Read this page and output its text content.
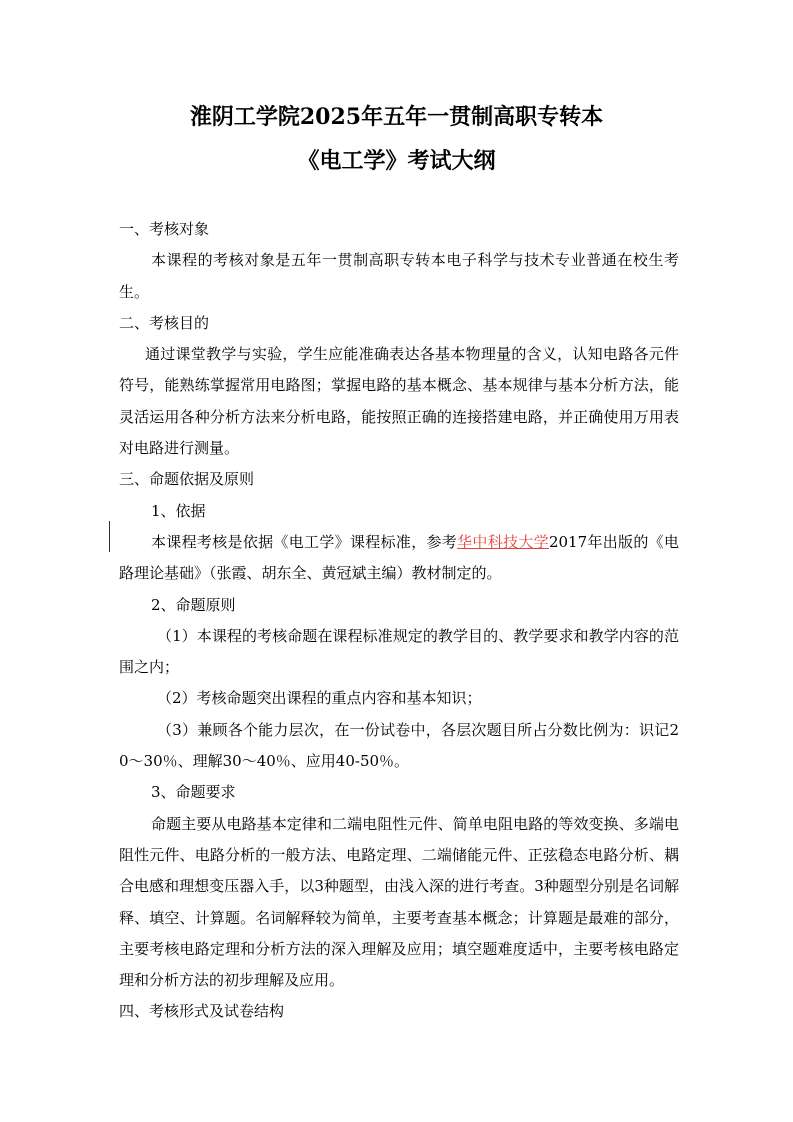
淮阴工学院2025年五年一贯制高职专转本
《电工学》考试大纲

一、考核对象

本课程的考核对象是五年一贯制高职专转本电子科学与技术专业普通在校生考生。

二、考核目的

通过课堂教学与实验，学生应能准确表达各基本物理量的含义，认知电路各元件符号，能熟练掌握常用电路图；掌握电路的基本概念、基本规律与基本分析方法，能灵活运用各种分析方法来分析电路，能按照正确的连接搭建电路，并正确使用万用表对电路进行测量。

三、命题依据及原则

1、依据

本课程考核是依据《电工学》课程标准，参考华中科技大学2017年出版的《电路理论基础》（张霞、胡东全、黄冠斌主编）教材制定的。

2、命题原则

（1）本课程的考核命题在课程标准规定的教学目的、教学要求和教学内容的范围之内；

（2）考核命题突出课程的重点内容和基本知识；

（3）兼顾各个能力层次，在一份试卷中，各层次题目所占分数比例为：识记20～30％、理解30～40％、应用40-50％。

3、命题要求

命题主要从电路基本定律和二端电阻性元件、简单电阻电路的等效变换、多端电阻性元件、电路分析的一般方法、电路定理、二端储能元件、正弦稳态电路分析、耦合电感和理想变压器入手，以3种题型，由浅入深的进行考查。3种题型分别是名词解释、填空、计算题。名词解释较为简单，主要考查基本概念；计算题是最难的部分，主要考核电路定理和分析方法的深入理解及应用；填空题难度适中，主要考核电路定理和分析方法的初步理解及应用。

四、考核形式及试卷结构
